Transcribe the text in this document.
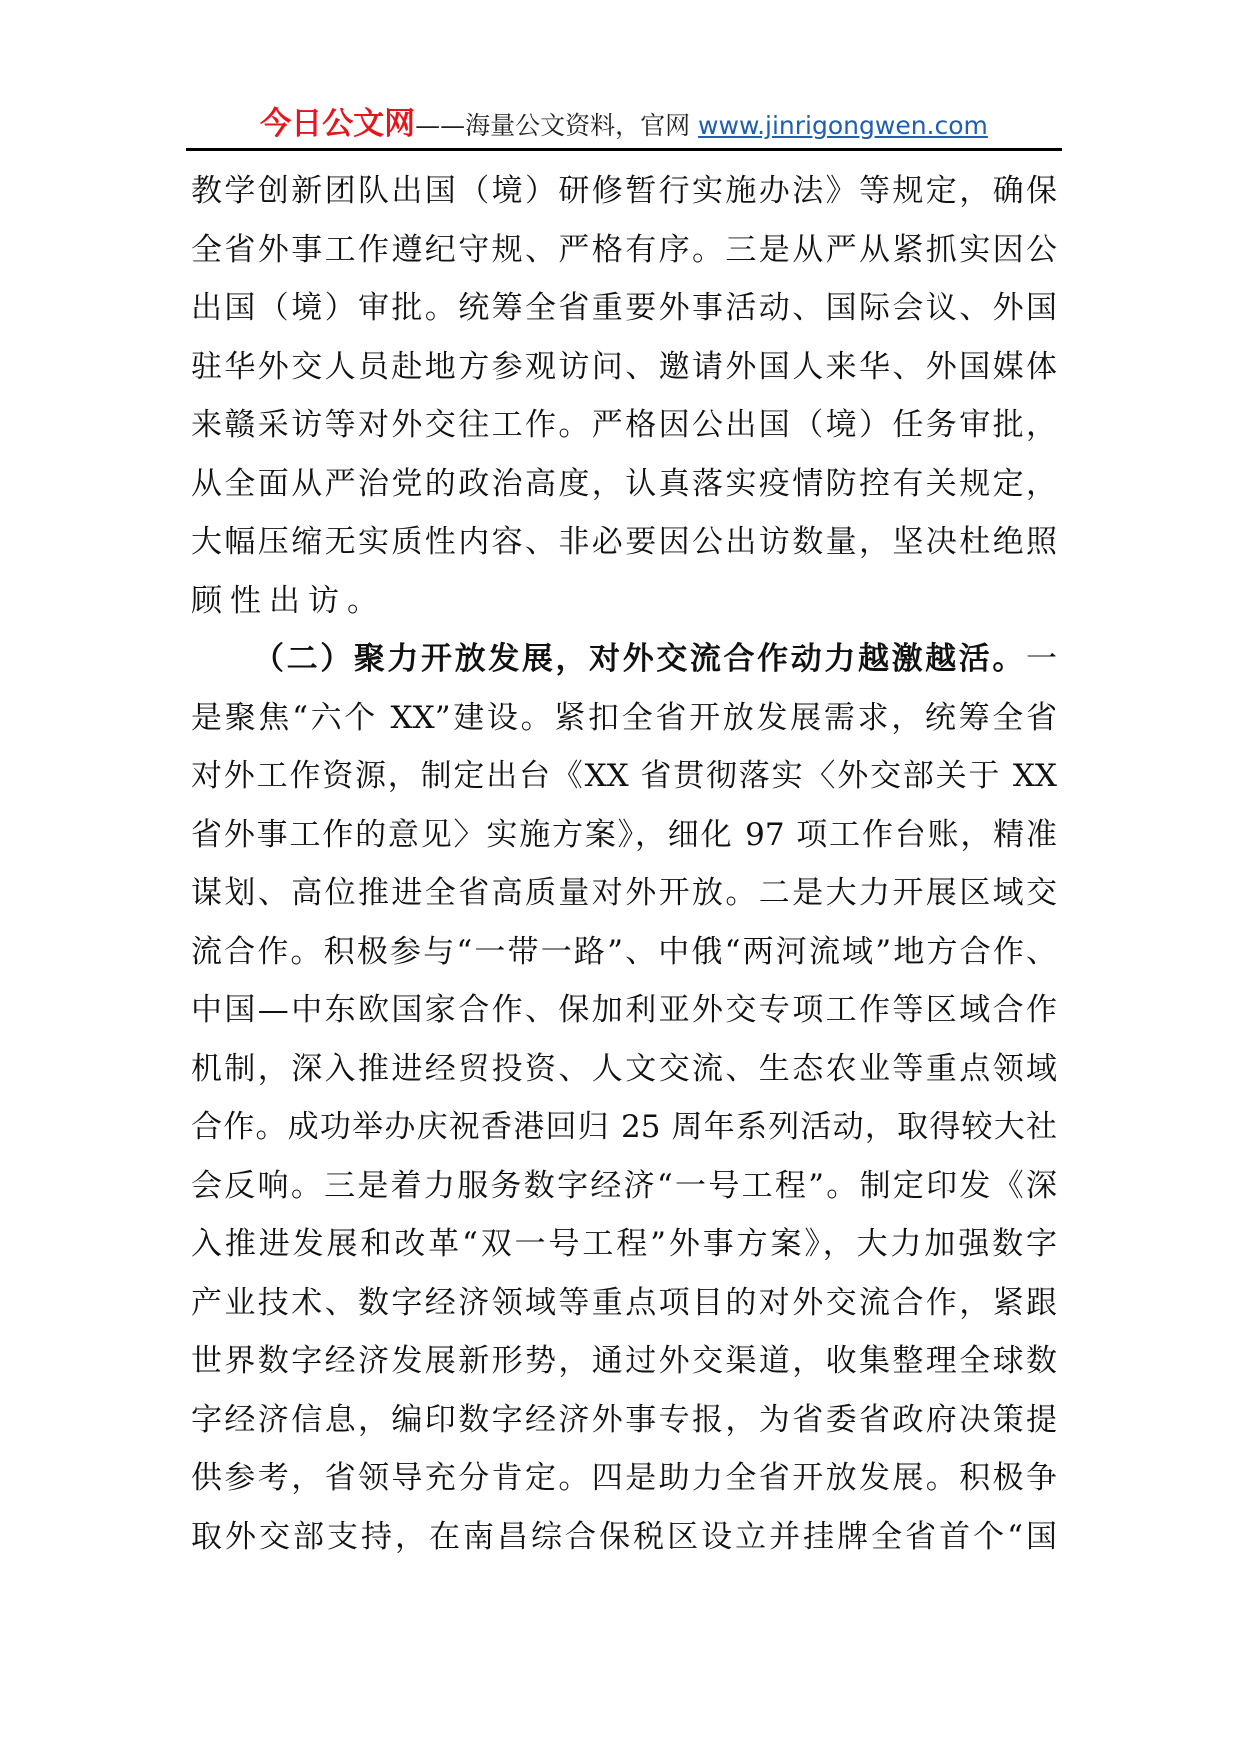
今日公文网——海量公文资料，官网 www.jinrigongwen.com
教学创新团队出国（境）研修暂行实施办法》等规定，确保
全省外事工作遵纪守规、严格有序。三是从严从紧抓实因公
出国（境）审批。统筹全省重要外事活动、国际会议、外国
驻华外交人员赴地方参观访问、邀请外国人来华、外国媒体
来赣采访等对外交往工作。严格因公出国（境）任务审批，
从全面从严治党的政治高度，认真落实疫情防控有关规定，
大幅压缩无实质性内容、非必要因公出访数量，坚决杜绝照
顾性出访。
（二）聚力开放发展，对外交流合作动力越激越活。一
是聚焦“六个 XX”建设。紧扣全省开放发展需求，统筹全省
对外工作资源，制定出台《XX 省贯彻落实〈外交部关于 XX
省外事工作的意见〉实施方案》，细化 97 项工作台账，精准
谋划、高位推进全省高质量对外开放。二是大力开展区域交
流合作。积极参与“一带一路”、中俄“两河流域”地方合作、
中国—中东欧国家合作、保加利亚外交专项工作等区域合作
机制，深入推进经贸投资、人文交流、生态农业等重点领域
合作。成功举办庆祝香港回归 25 周年系列活动，取得较大社
会反响。三是着力服务数字经济“一号工程”。制定印发《深
入推进发展和改革“双一号工程”外事方案》，大力加强数字
产业技术、数字经济领域等重点项目的对外交流合作，紧跟
世界数字经济发展新形势，通过外交渠道，收集整理全球数
字经济信息，编印数字经济外事专报，为省委省政府决策提
供参考，省领导充分肯定。四是助力全省开放发展。积极争
取外交部支持，在南昌综合保税区设立并挂牌全省首个“国
